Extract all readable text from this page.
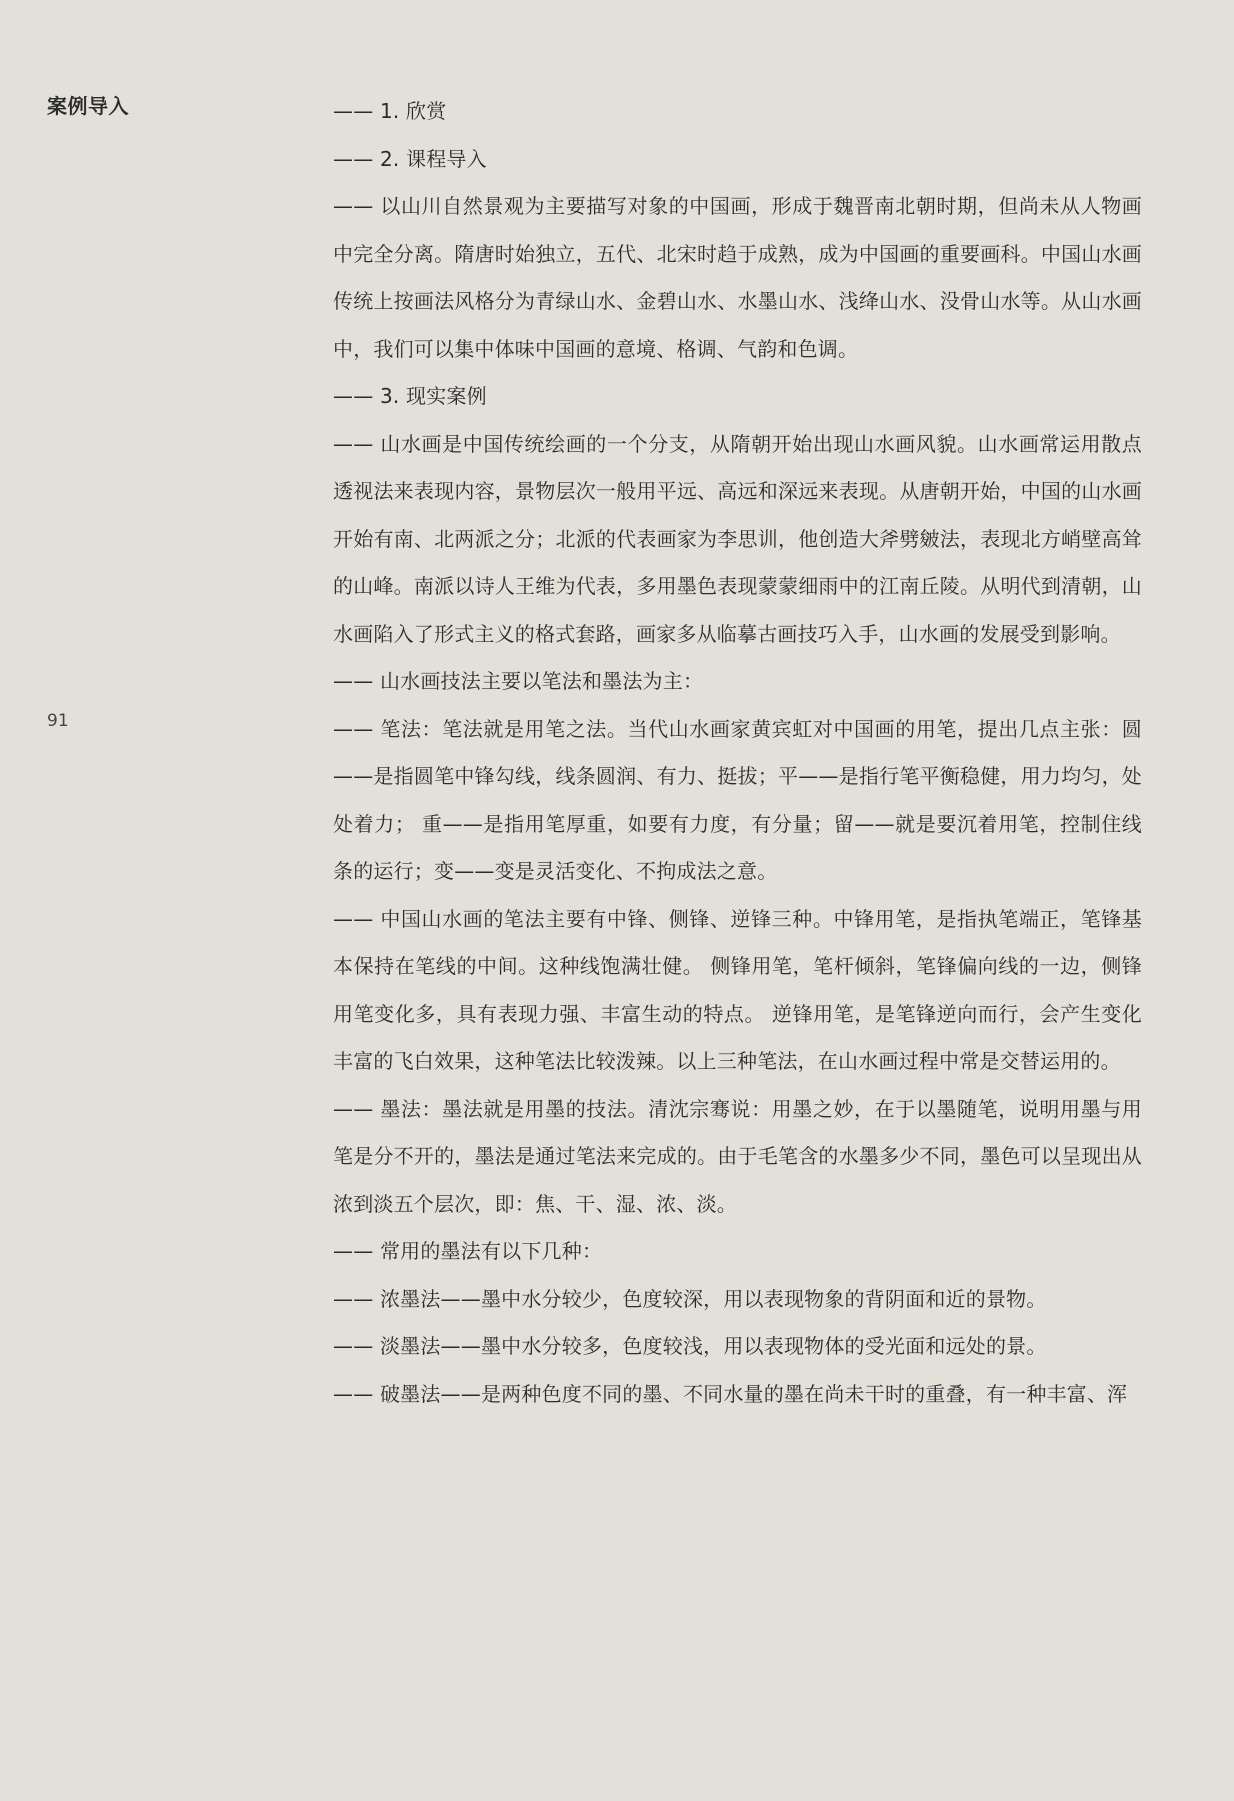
案例导入
91

—— 1. 欣赏

—— 2. 课程导入

—— 以山川自然景观为主要描写对象的中国画，形成于魏晋南北朝时期，但尚未从人物画中完全分离。隋唐时始独立，五代、北宋时趋于成熟，成为中国画的重要画科。中国山水画传统上按画法风格分为青绿山水、金碧山水、水墨山水、浅绛山水、没骨山水等。从山水画中，我们可以集中体味中国画的意境、格调、气韵和色调。

—— 3. 现实案例

—— 山水画是中国传统绘画的一个分支，从隋朝开始出现山水画风貌。山水画常运用散点透视法来表现内容，景物层次一般用平远、高远和深远来表现。从唐朝开始，中国的山水画开始有南、北两派之分；北派的代表画家为李思训，他创造大斧劈皴法，表现北方峭壁高耸的山峰。南派以诗人王维为代表，多用墨色表现蒙蒙细雨中的江南丘陵。从明代到清朝，山水画陷入了形式主义的格式套路，画家多从临摹古画技巧入手，山水画的发展受到影响。

—— 山水画技法主要以笔法和墨法为主：

—— 笔法：笔法就是用笔之法。当代山水画家黄宾虹对中国画的用笔，提出几点主张：圆——是指圆笔中锋勾线，线条圆润、有力、挺拔；平——是指行笔平衡稳健，用力均匀，处处着力； 重——是指用笔厚重，如要有力度，有分量；留——就是要沉着用笔，控制住线条的运行；变——变是灵活变化、不拘成法之意。

—— 中国山水画的笔法主要有中锋、侧锋、逆锋三种。中锋用笔，是指执笔端正，笔锋基本保持在笔线的中间。这种线饱满壮健。 侧锋用笔，笔杆倾斜，笔锋偏向线的一边，侧锋用笔变化多，具有表现力强、丰富生动的特点。 逆锋用笔，是笔锋逆向而行，会产生变化丰富的飞白效果，这种笔法比较泼辣。以上三种笔法，在山水画过程中常是交替运用的。

—— 墨法：墨法就是用墨的技法。清沈宗骞说：用墨之妙，在于以墨随笔，说明用墨与用笔是分不开的，墨法是通过笔法来完成的。由于毛笔含的水墨多少不同，墨色可以呈现出从浓到淡五个层次，即：焦、干、湿、浓、淡。

—— 常用的墨法有以下几种：

—— 浓墨法——墨中水分较少，色度较深，用以表现物象的背阴面和近的景物。

—— 淡墨法——墨中水分较多，色度较浅，用以表现物体的受光面和远处的景。

—— 破墨法——是两种色度不同的墨、不同水量的墨在尚未干时的重叠，有一种丰富、浑
